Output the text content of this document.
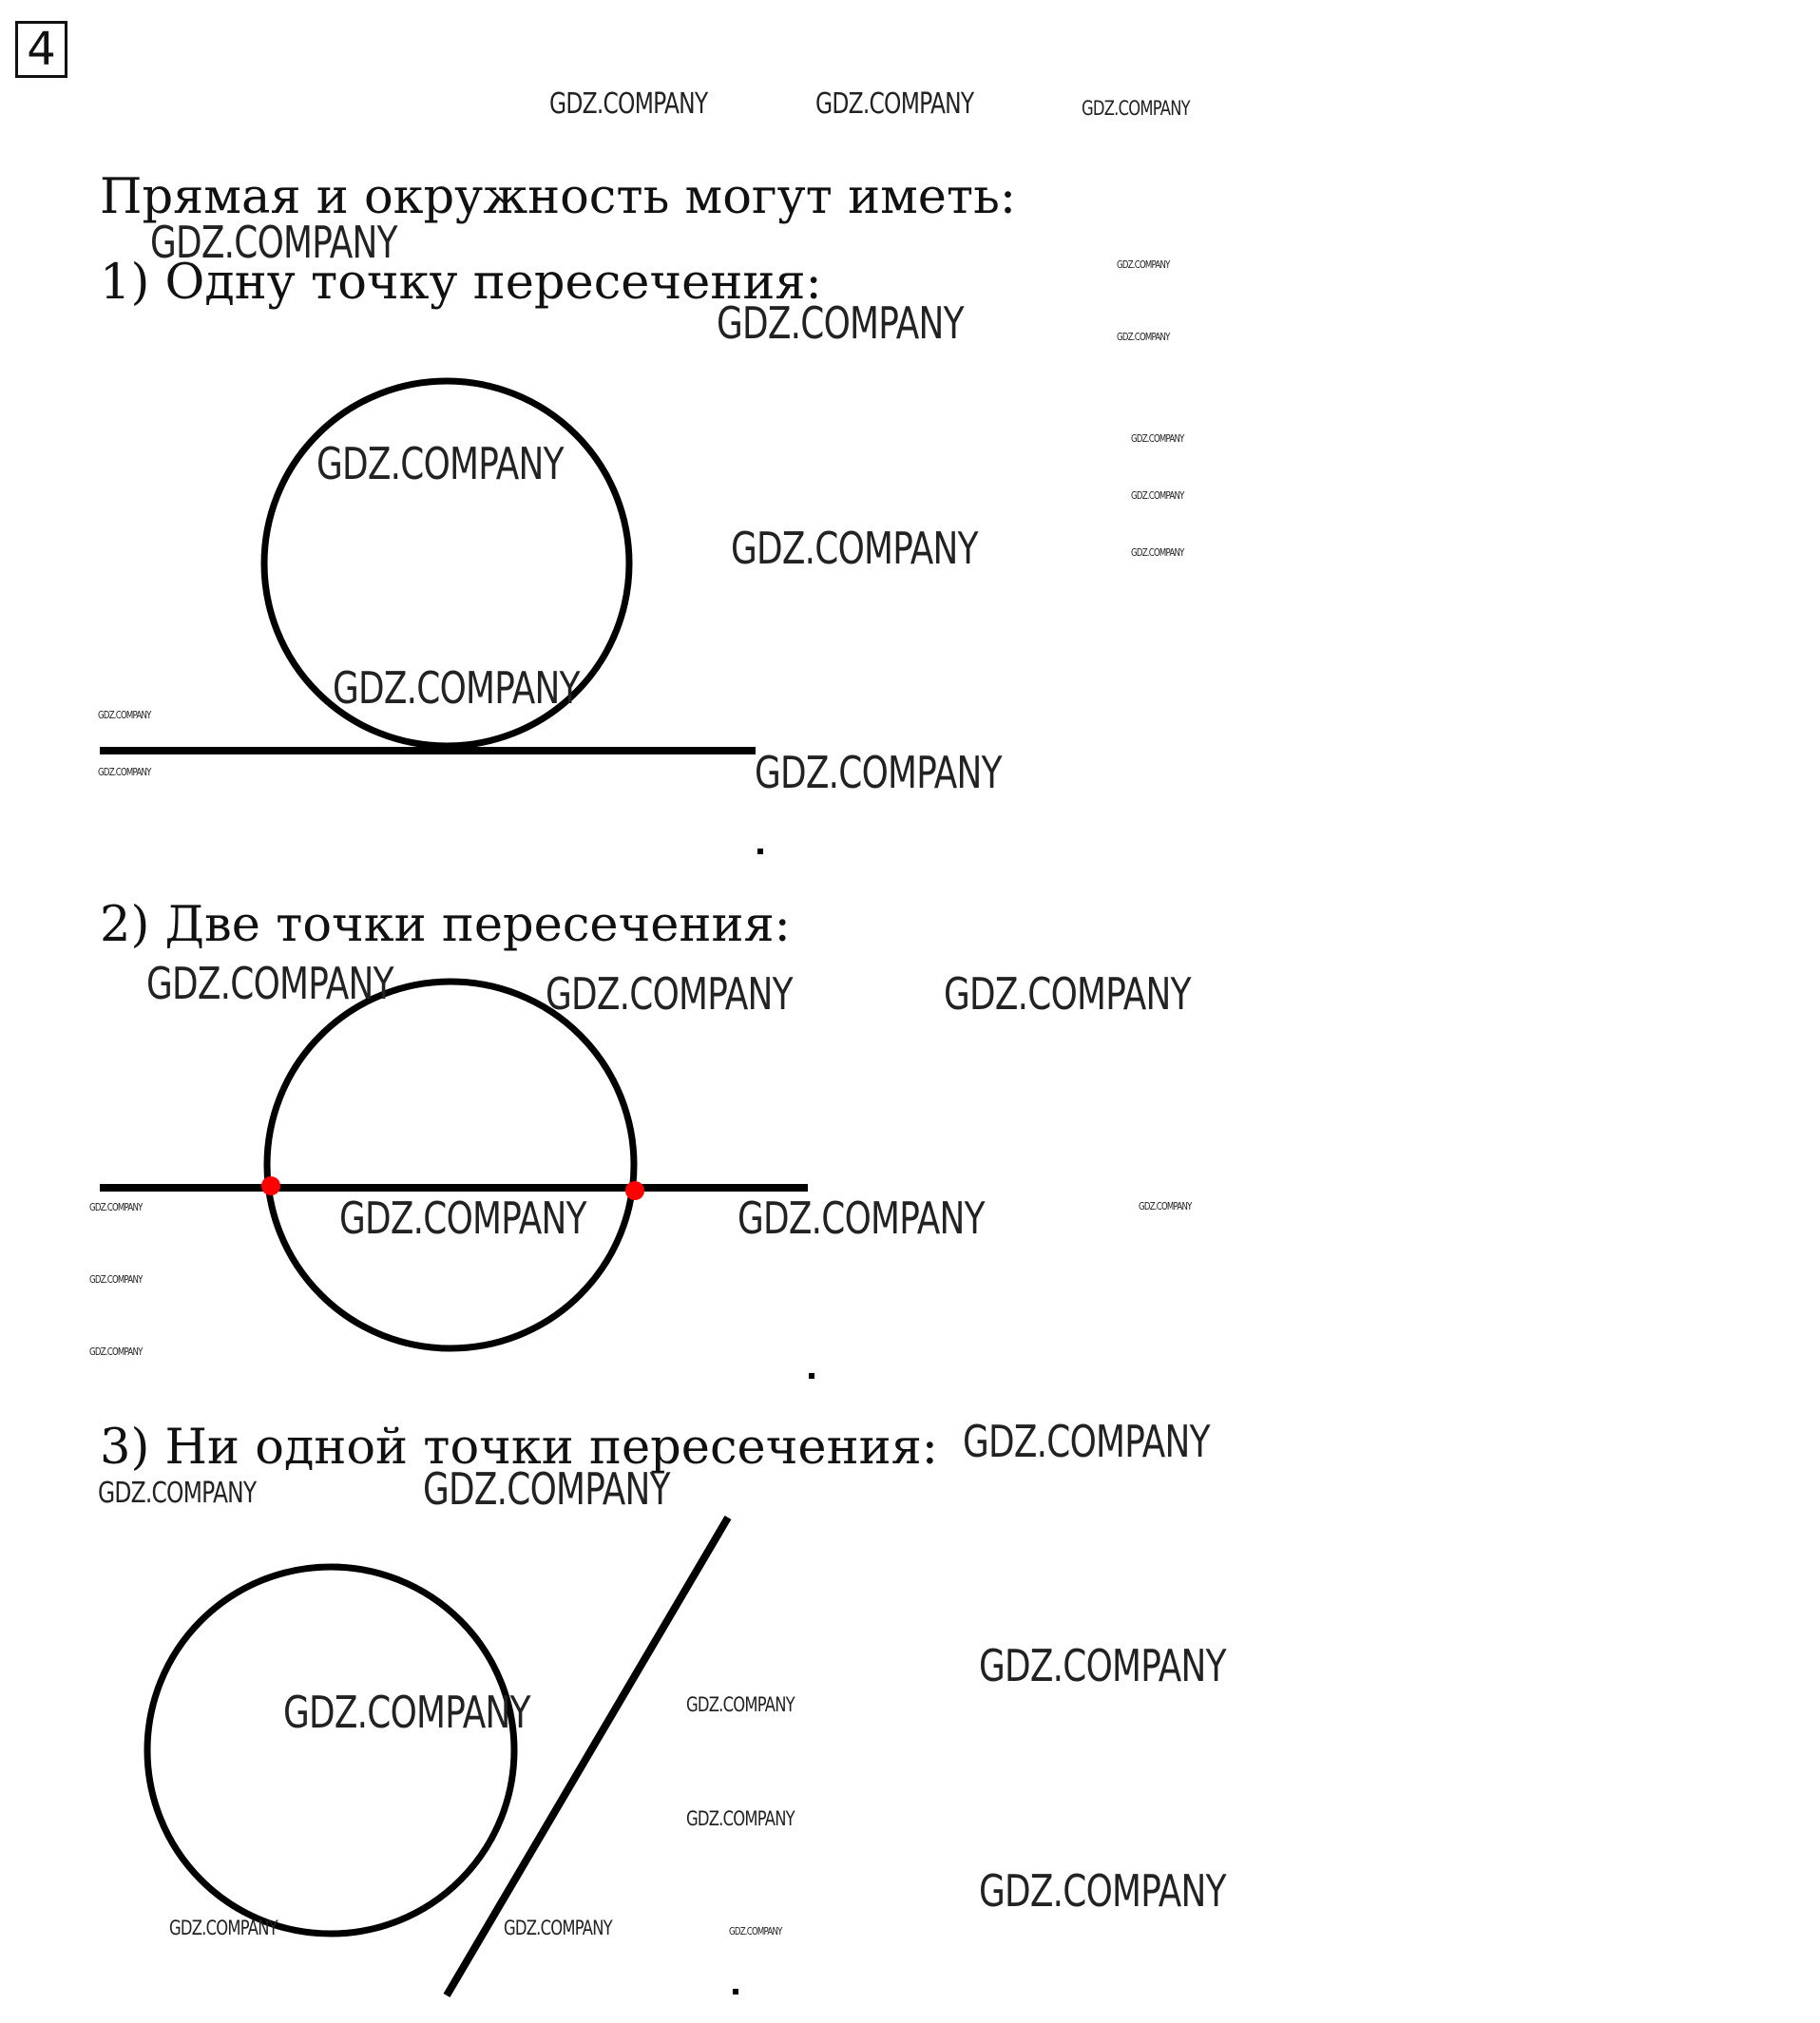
4
Прямая и окружность могут иметь:
1) Одну точку пересечения:
2) Две точки пересечения:
3) Ни одной точки пересечения:
GDZ.COMPANY	GDZ.COMPANY	GDZ.COMPANY
GDZ.COMPANY
GDZ.COMPANY
GDZ.COMPANY
GDZ.COMPANY
GDZ.COMPANY
GDZ.COMPANY
GDZ.COMPANY
GDZ.COMPANY
GDZ.COMPANY
GDZ.COMPANY
GDZ.COMPANY
GDZ.COMPANY	GDZ.COMPANY
GDZ.COMPANY	GDZ.COMPANY	GDZ.COMPANY
GDZ.COMPANY
GDZ.COMPANY
GDZ.COMPANY
GDZ.COMPANY	GDZ.COMPANY	GDZ.COMPANY
GDZ.COMPANY
GDZ.COMPANY	GDZ.COMPANY
GDZ.COMPANY
GDZ.COMPANY	GDZ.COMPANY
GDZ.COMPANY
GDZ.COMPANY
GDZ.COMPANY	GDZ.COMPANY	GDZ.COMPANY
